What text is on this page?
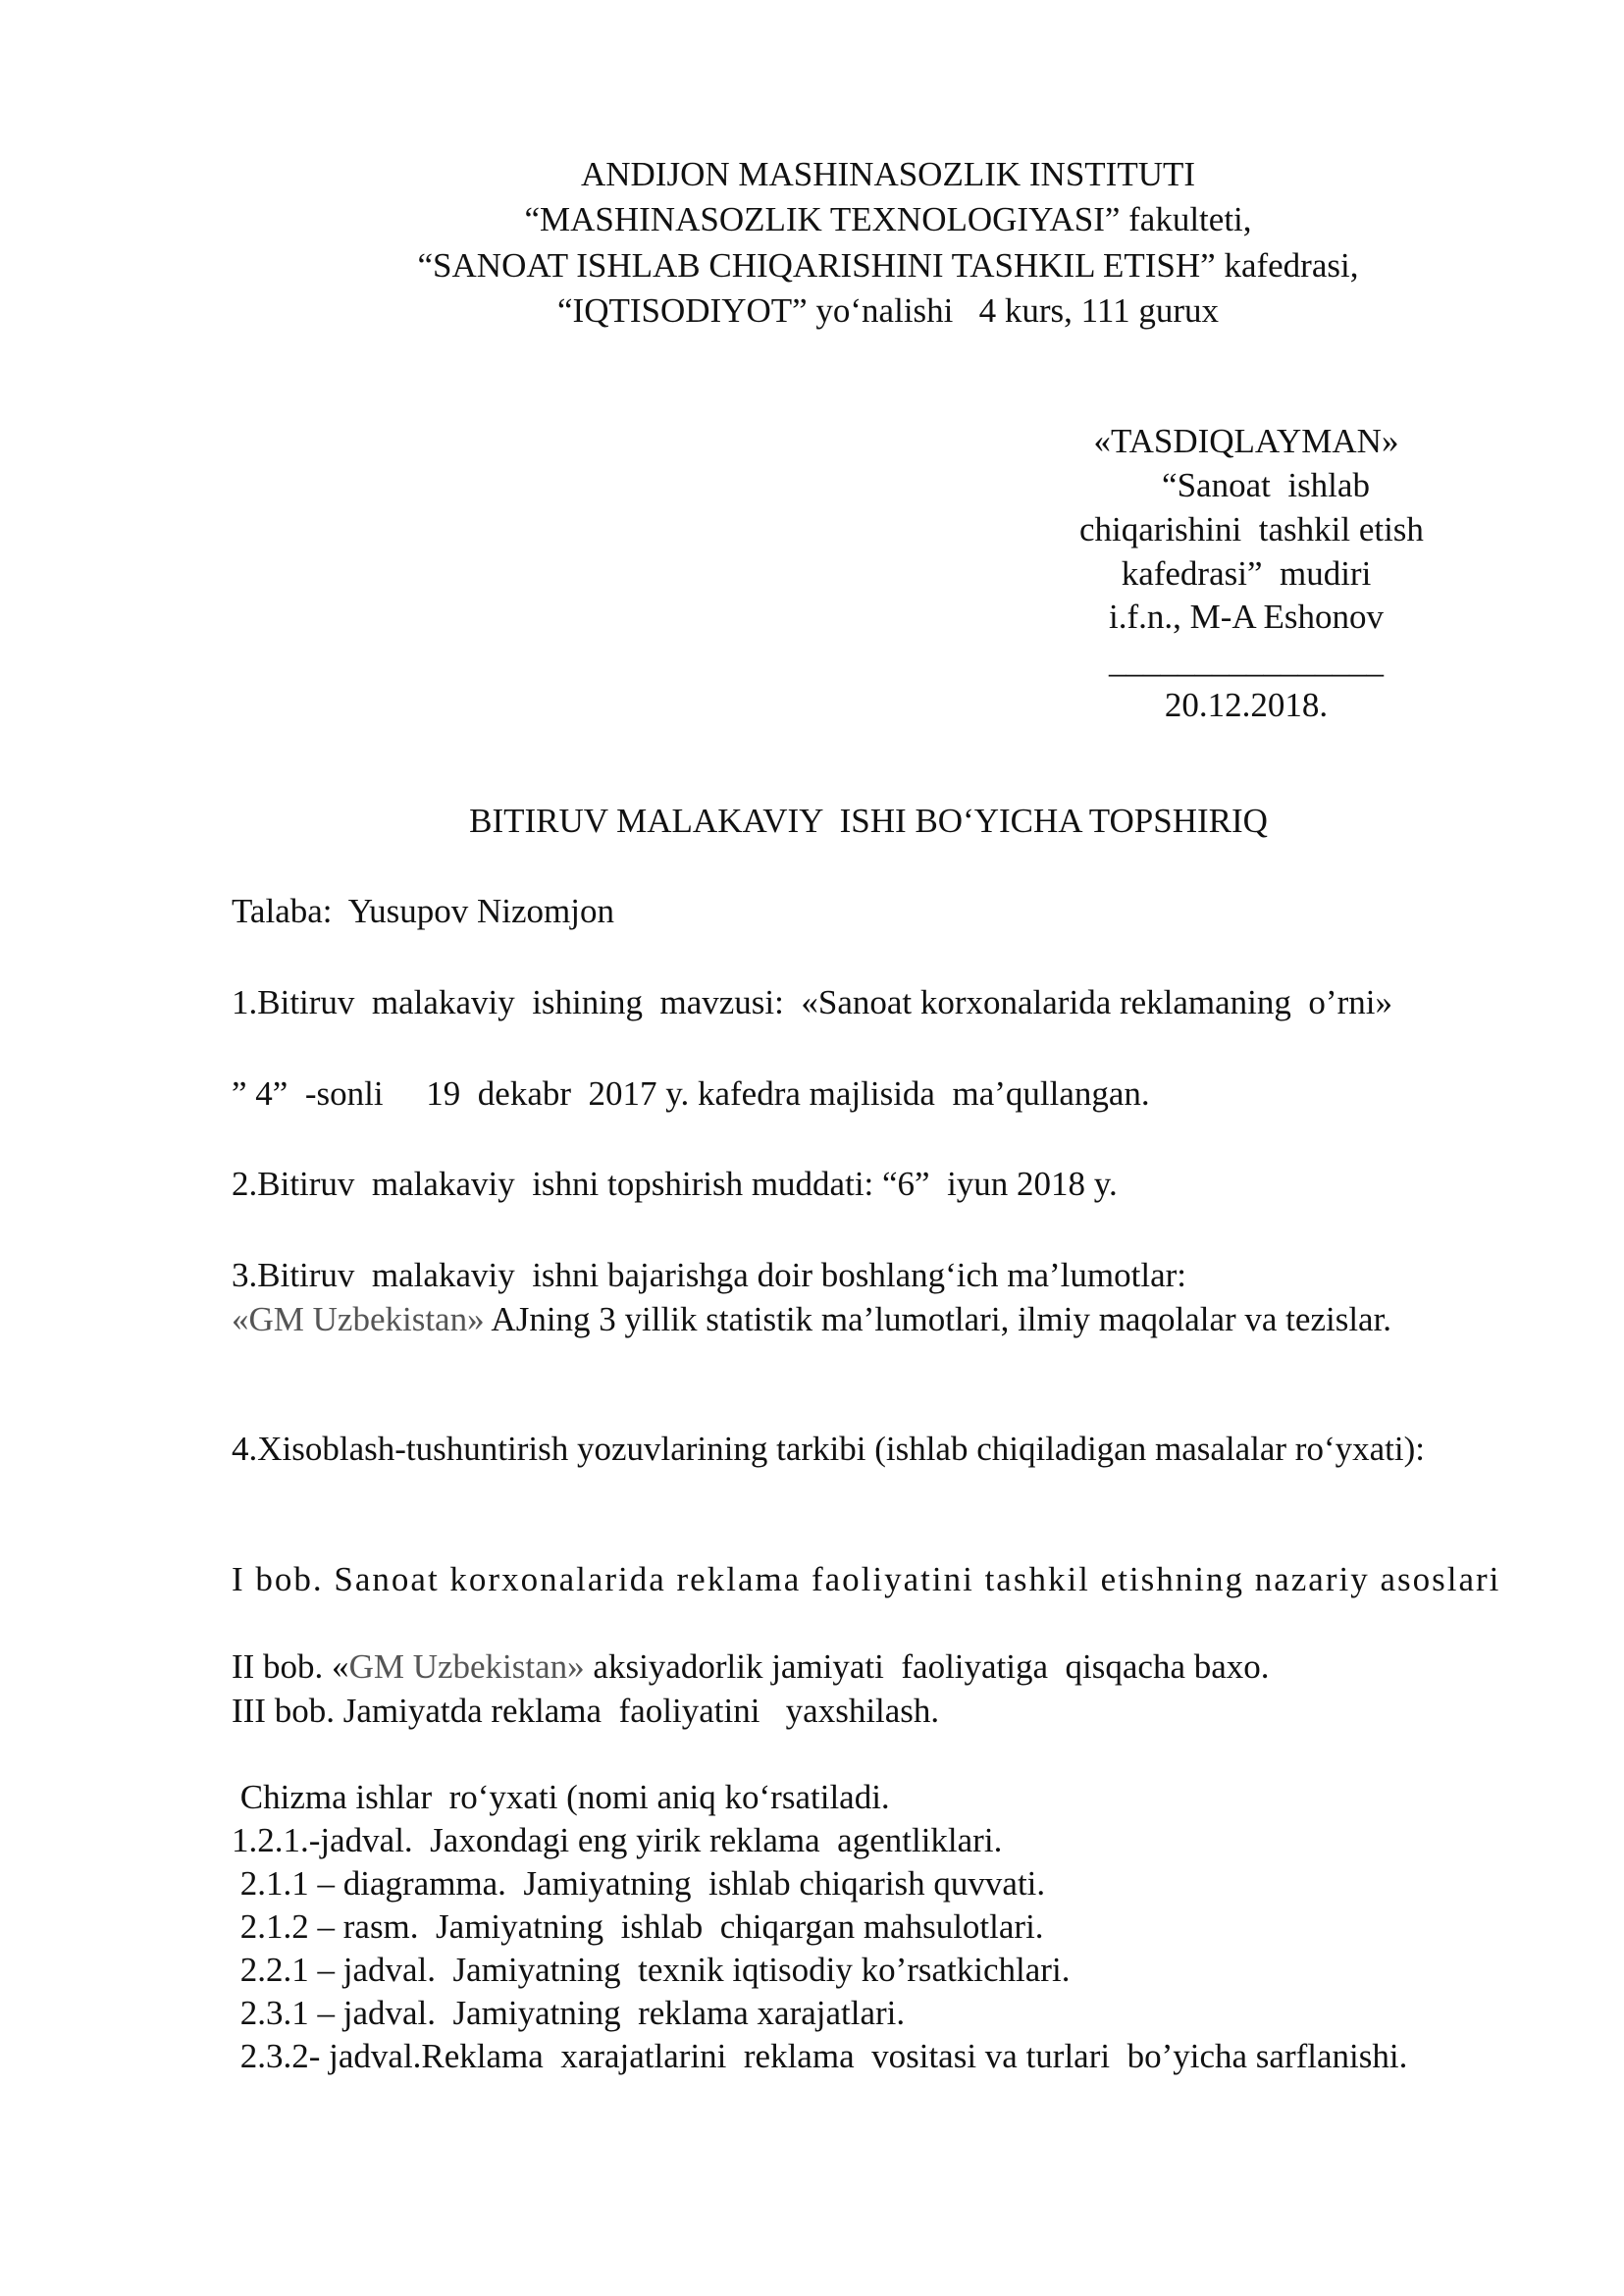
ANDIJON MASHINASOZLIK INSTITUTI
“MASHINASOZLIK TEXNOLOGIYASI” fakulteti,
“SANOAT ISHLAB CHIQARISHINI TASHKIL ETISH” kafedrasi,
“IQTISODIYOT” yo‘nalishi   4 kurs, 111 gurux
«TASDIQLAYMAN»
“Sanoat  ishlab
chiqarishini  tashkil etish
kafedrasi”  mudiri
i.f.n., M-A Eshonov
________________
20.12.2018.
BITIRUV MALAKAVIY  ISHI BO‘YICHA TOPSHIRIQ
Talaba:  Yusupov Nizomjon
1.Bitiruv  malakaviy  ishining  mavzusi:  «Sanoat korxonalarida reklamaning  o’rni»
” 4”  -sonli     19  dekabr  2017 y. kafedra majlisida  ma’qullangan.
2.Bitiruv  malakaviy  ishni topshirish muddati: “6”  iyun 2018 y.
3.Bitiruv  malakaviy  ishni bajarishga doir boshlang‘ich ma’lumotlar:
«GM Uzbekistan» AJning 3 yillik statistik ma’lumotlari, ilmiy maqolalar va tezislar.
4.Xisoblash-tushuntirish yozuvlarining tarkibi (ishlab chiqiladigan masalalar ro‘yxati):
I bob. Sanoat korxonalarida reklama faoliyatini tashkil etishning nazariy asoslari
II bob. «GM Uzbekistan» aksiyadorlik jamiyati  faoliyatiga  qisqacha baxo.
III bob. Jamiyatda reklama  faoliyatini   yaxshilash.
Chizma ishlar  ro‘yxati (nomi aniq ko‘rsatiladi.
1.2.1.-jadval.  Jaxondagi eng yirik reklama  agentliklari.
2.1.1 – diagramma.  Jamiyatning  ishlab chiqarish quvvati.
2.1.2 – rasm.  Jamiyatning  ishlab  chiqargan mahsulotlari.
2.2.1 – jadval.  Jamiyatning  texnik iqtisodiy ko’rsatkichlari.
2.3.1 – jadval.  Jamiyatning  reklama xarajatlari.
2.3.2- jadval.Reklama  xarajatlarini  reklama  vositasi va turlari  bo’yicha sarflanishi.
